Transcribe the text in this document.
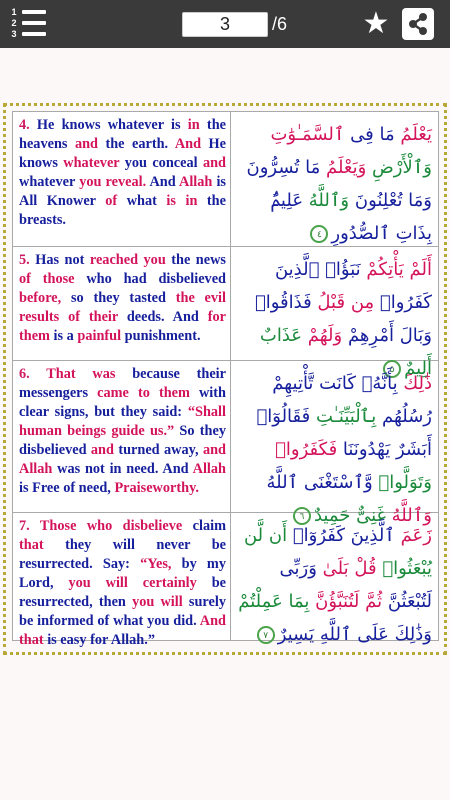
1
2
3	3	/6	★
4. He knows whatever is in the heavens and the earth. And He knows whatever you conceal and whatever you reveal. And Allah is All Knower of what is in the breasts.
يَعْلَمُ مَا فِى ٱلسَّمَـٰوَٰتِ وَٱلْأَرْضِ وَيَعْلَمُ مَا تُسِرُّونَ وَمَا تُعْلِنُونَ وَٱللَّهُ عَلِيمٌۢ بِذَاتِ ٱلصُّدُورِ٤
5. Has not reached you the news of those who had disbelieved before, so they tasted the evil results of their deeds. And for them is a painful punishment.
أَلَمْ يَأْتِكُمْ نَبَؤُا۟ ٱلَّذِينَ كَفَرُوا۟ مِن قَبْلُ فَذَاقُوا۟ وَبَالَ أَمْرِهِمْ وَلَهُمْ عَذَابٌ أَلِيمٌ٥
6. That was because their messengers came to them with clear signs, but they said: “Shall human beings guide us.” So they disbelieved and turned away, and Allah was not in need. And Allah is Free of need, Praiseworthy.
ذَٰلِكَ بِأَنَّهُۥ كَانَت تَّأْتِيهِمْ رُسُلُهُم بِٱلْبَيِّنَـٰتِ فَقَالُوٓا۟ أَبَشَرٌ يَهْدُونَنَا فَكَفَرُوا۟ وَتَوَلَّوا۟ وَّٱسْتَغْنَى ٱللَّهُ وَٱللَّهُ غَنِىٌّ حَمِيدٌ٦
7. Those who disbelieve claim that they will never be resurrected. Say: “Yes, by my Lord, you will certainly be resurrected, then you will surely be informed of what you did. And that is easy for Allah.”
زَعَمَ ٱلَّذِينَ كَفَرُوٓا۟ أَن لَّن يُبْعَثُوا۟ قُلْ بَلَىٰ وَرَبِّى لَتُبْعَثُنَّ ثُمَّ لَتُنَبَّؤُنَّ بِمَا عَمِلْتُمْ وَذَٰلِكَ عَلَى ٱللَّهِ يَسِيرٌ٧
